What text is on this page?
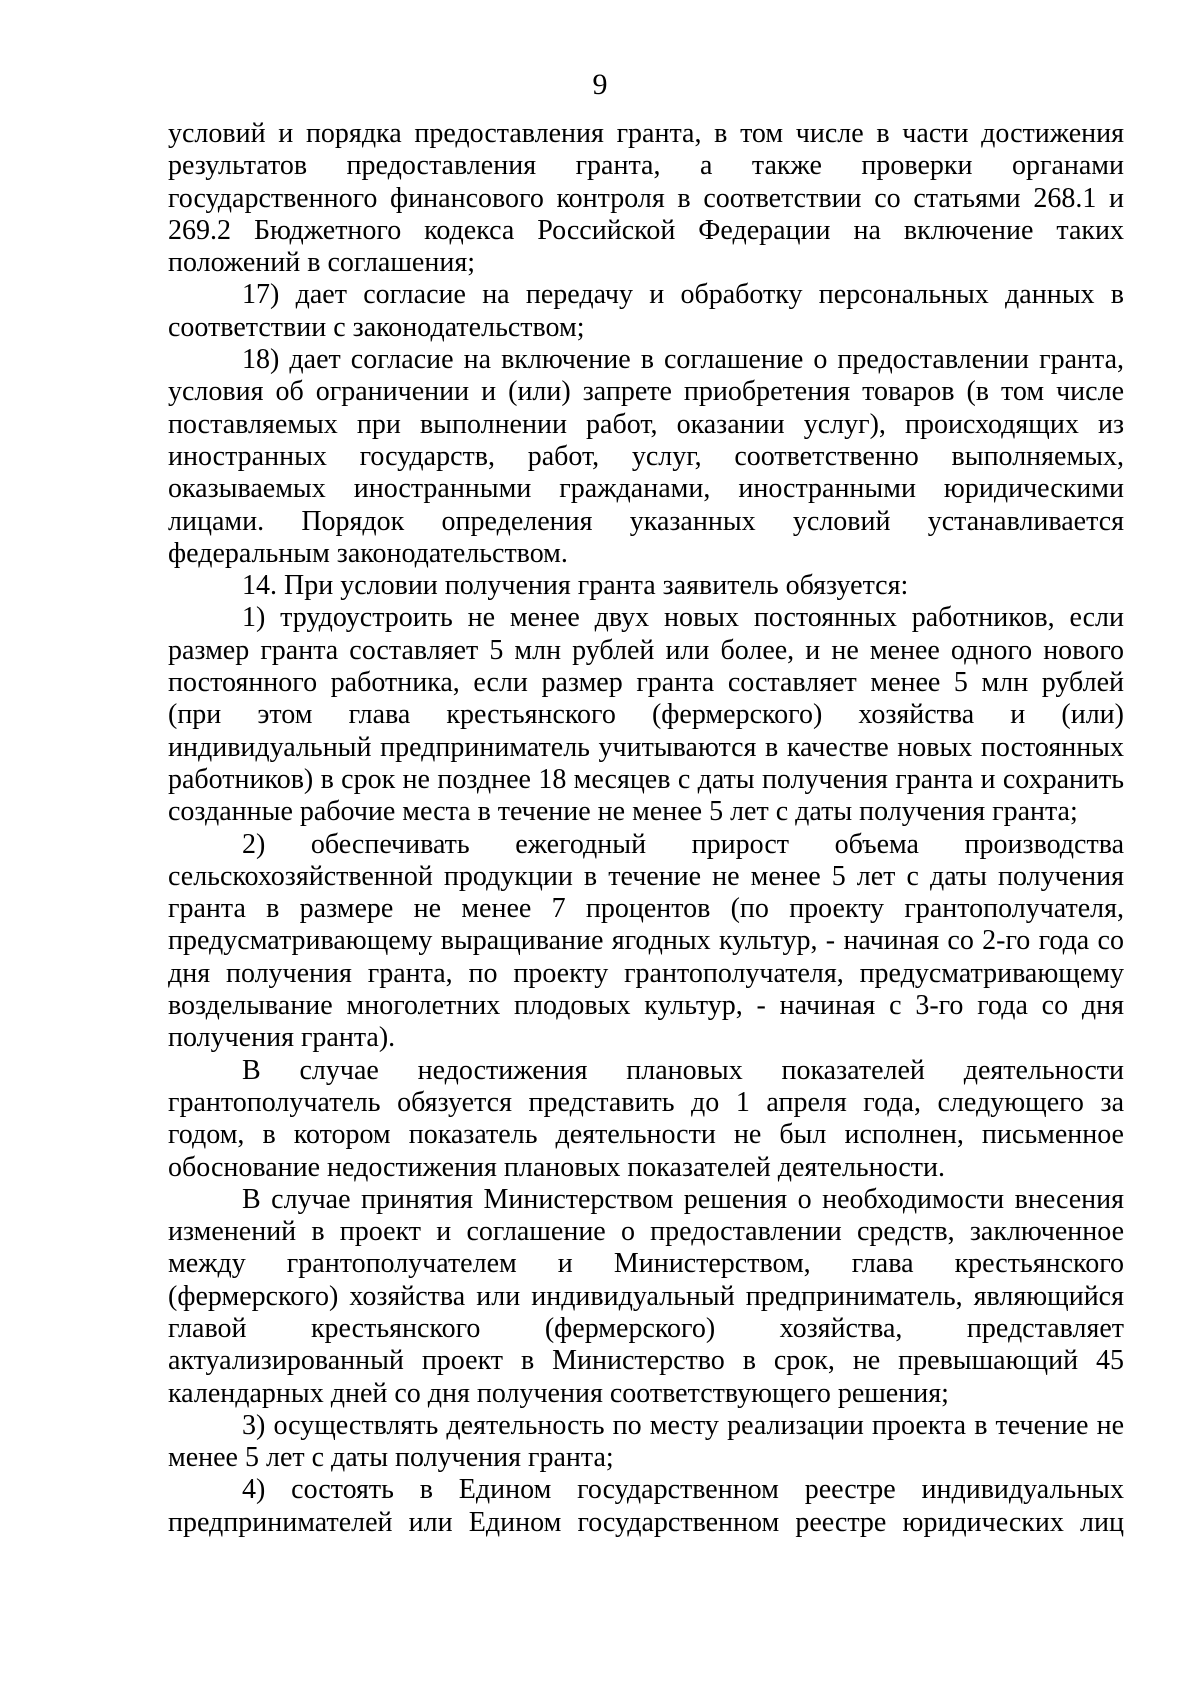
9

условий и порядка предоставления гранта, в том числе в части достижения результатов предоставления гранта, а также проверки органами государственного финансового контроля в соответствии со статьями 268.1 и 269.2 Бюджетного кодекса Российской Федерации на включение таких положений в соглашения;

17) дает согласие на передачу и обработку персональных данных в соответствии с законодательством;

18) дает согласие на включение в соглашение о предоставлении гранта, условия об ограничении и (или) запрете приобретения товаров (в том числе поставляемых при выполнении работ, оказании услуг), происходящих из иностранных государств, работ, услуг, соответственно выполняемых, оказываемых иностранными гражданами, иностранными юридическими лицами. Порядок определения указанных условий устанавливается федеральным законодательством.

14. При условии получения гранта заявитель обязуется:

1) трудоустроить не менее двух новых постоянных работников, если размер гранта составляет 5 млн рублей или более, и не менее одного нового постоянного работника, если размер гранта составляет менее 5 млн рублей (при этом глава крестьянского (фермерского) хозяйства и (или) индивидуальный предприниматель учитываются в качестве новых постоянных работников) в срок не позднее 18 месяцев с даты получения гранта и сохранить созданные рабочие места в течение не менее 5 лет с даты получения гранта;

2) обеспечивать ежегодный прирост объема производства сельскохозяйственной продукции в течение не менее 5 лет с даты получения гранта в размере не менее 7 процентов (по проекту грантополучателя, предусматривающему выращивание ягодных культур, - начиная со 2-го года со дня получения гранта, по проекту грантополучателя, предусматривающему возделывание многолетних плодовых культур, - начиная с 3-го года со дня получения гранта).

В случае недостижения плановых показателей деятельности грантополучатель обязуется представить до 1 апреля года, следующего за годом, в котором показатель деятельности не был исполнен, письменное обоснование недостижения плановых показателей деятельности.

В случае принятия Министерством решения о необходимости внесения изменений в проект и соглашение о предоставлении средств, заключенное между грантополучателем и Министерством, глава крестьянского (фермерского) хозяйства или индивидуальный предприниматель, являющийся главой крестьянского (фермерского) хозяйства, представляет актуализированный проект в Министерство в срок, не превышающий 45 календарных дней со дня получения соответствующего решения;

3) осуществлять деятельность по месту реализации проекта в течение не менее 5 лет с даты получения гранта;

4) состоять в Едином государственном реестре индивидуальных предпринимателей или Едином государственном реестре юридических лиц
